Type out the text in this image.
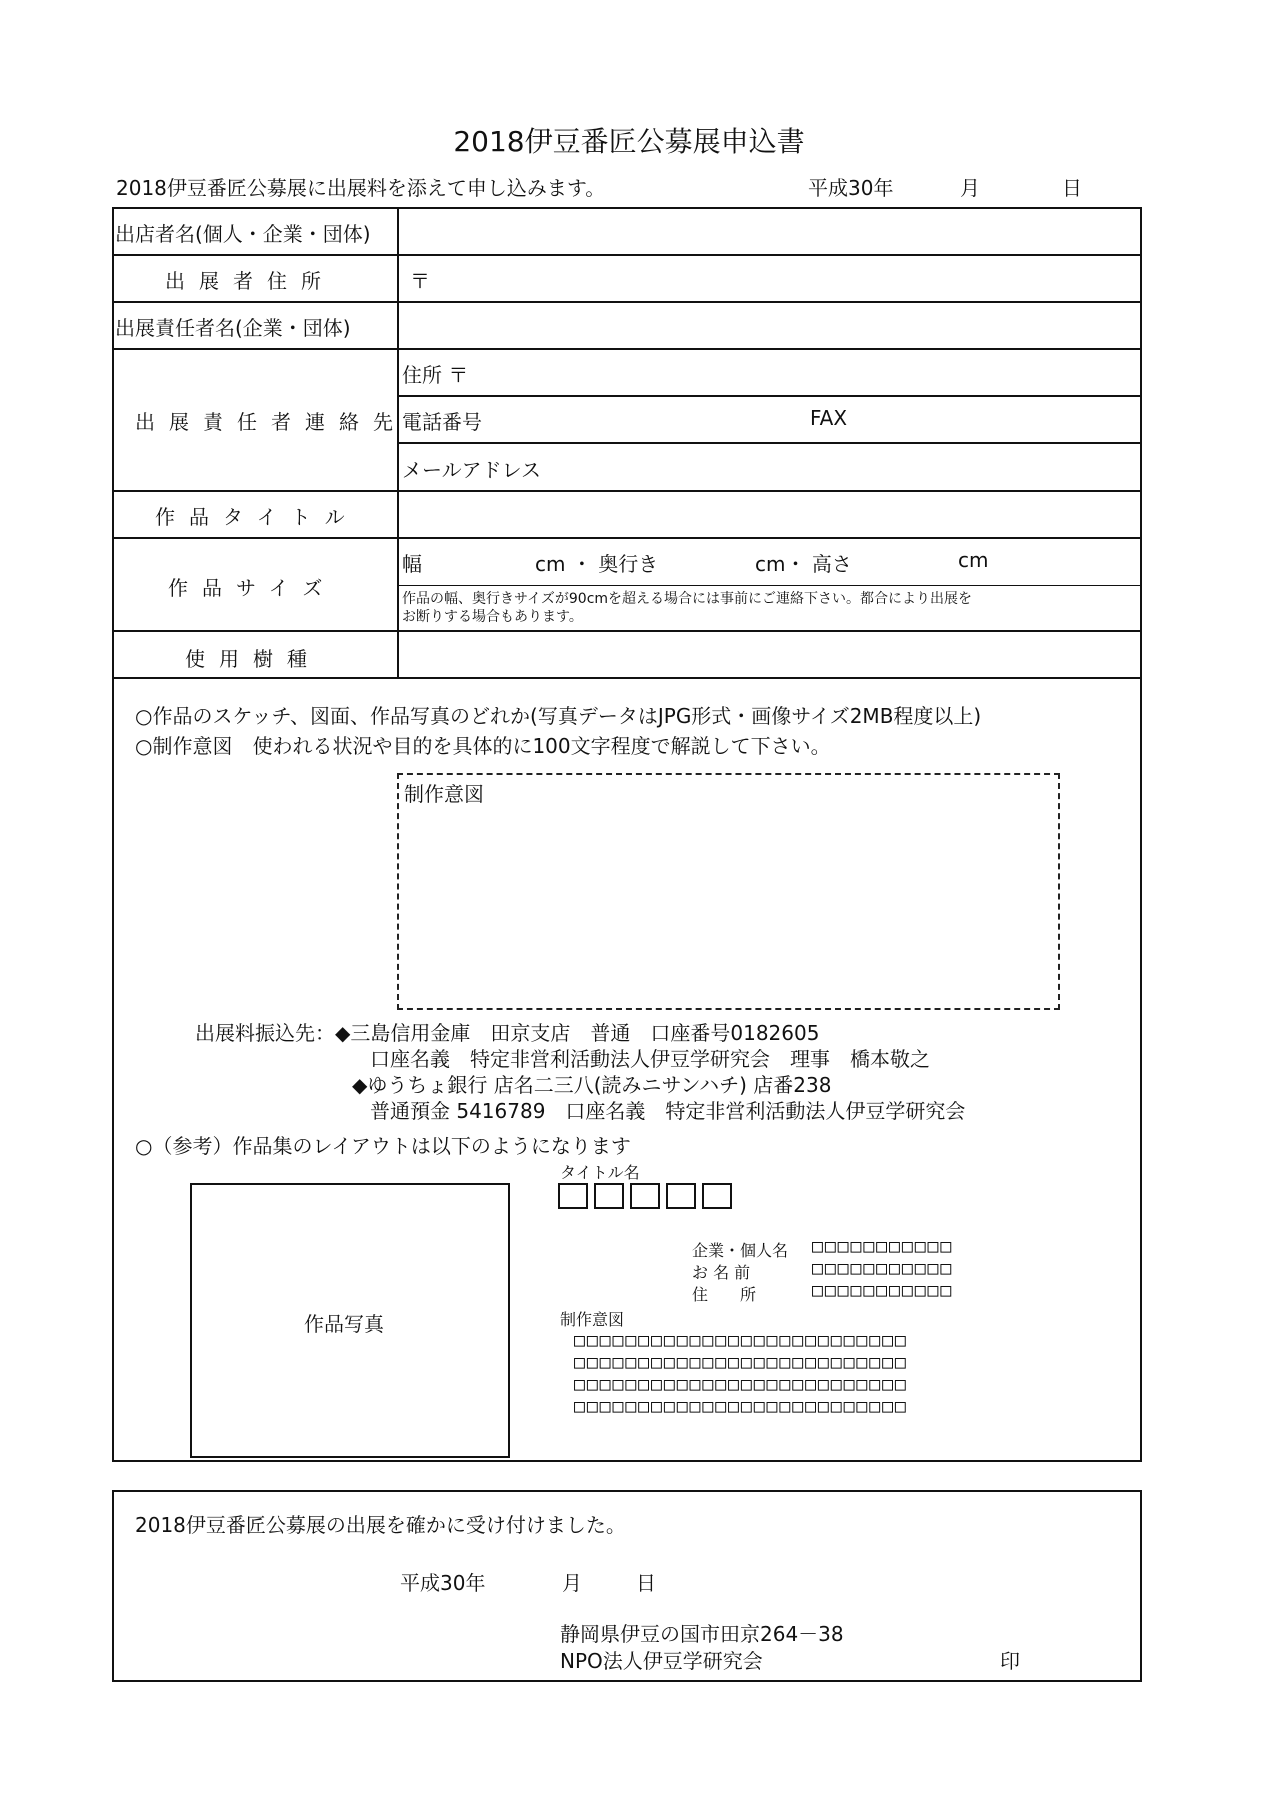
2018伊豆番匠公募展申込書
2018伊豆番匠公募展に出展料を添えて申し込みます。	平成30年	月	日
出店者名(個人・企業・団体)
出展者住所	〒
出展責任者名(企業・団体)
出展責任者連絡先
住所 〒
電話番号	FAX
メールアドレス
作品タイトル
作品サイズ
幅	cm ・ 奥行き	cm・ 高さ	cm
作品の幅、奥行きサイズが90cmを超える場合には事前にご連絡下さい。都合により出展を
お断りする場合もあります。
使用樹種
○作品のスケッチ、図面、作品写真のどれか(写真データはJPG形式・画像サイズ2MB程度以上)
○制作意図　使われる状況や目的を具体的に100文字程度で解説して下さい。
制作意図
出展料振込先：◆三島信用金庫　田京支店　普通　口座番号0182605
口座名義　特定非営利活動法人伊豆学研究会　理事　橋本敬之
◆ゆうちょ銀行 店名二三八(読みニサンハチ) 店番238
普通預金 5416789　口座名義　特定非営利活動法人伊豆学研究会
○（参考）作品集のレイアウトは以下のようになります
作品写真
タイトル名
企業・個人名 □□□□□□□□□□□
お 名 前	□□□□□□□□□□□
住　　所	□□□□□□□□□□□
制作意図
□□□□□□□□□□□□□□□□□□□□□□□□□□
□□□□□□□□□□□□□□□□□□□□□□□□□□
□□□□□□□□□□□□□□□□□□□□□□□□□□
□□□□□□□□□□□□□□□□□□□□□□□□□□
2018伊豆番匠公募展の出展を確かに受け付けました。
平成30年	月	日
静岡県伊豆の国市田京264－38
NPO法人伊豆学研究会	印
